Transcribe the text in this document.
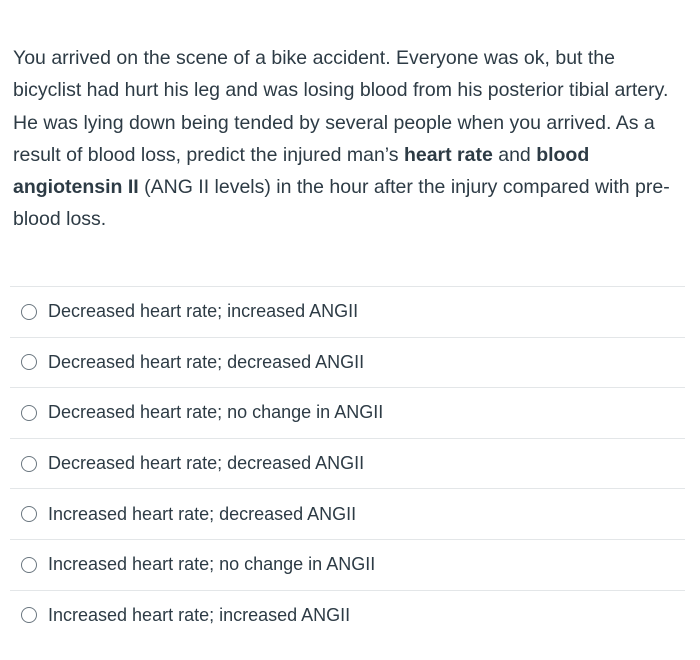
You arrived on the scene of a bike accident. Everyone was ok, but the bicyclist had hurt his leg and was losing blood from his posterior tibial artery. He was lying down being tended by several people when you arrived. As a result of blood loss, predict the injured man’s heart rate and blood angiotensin II (ANG II levels) in the hour after the injury compared with pre- blood loss.
Decreased heart rate; increased ANGII
Decreased heart rate; decreased ANGII
Decreased heart rate; no change in ANGII
Decreased heart rate; decreased ANGII
Increased heart rate; decreased ANGII
Increased heart rate; no change in ANGII
Increased heart rate; increased ANGII
